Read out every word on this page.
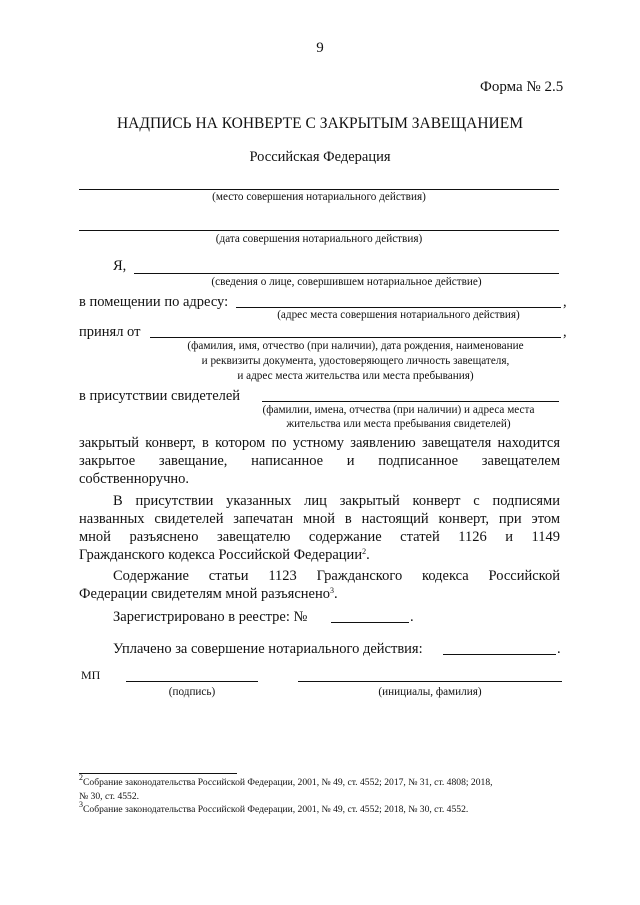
9
Форма № 2.5
НАДПИСЬ НА КОНВЕРТЕ С ЗАКРЫТЫМ ЗАВЕЩАНИЕМ
Российская Федерация
(место совершения нотариального действия)
(дата совершения нотариального действия)
Я,
(сведения о лице, совершившем нотариальное действие)
в помещении по адресу:	,
(адрес места совершения нотариального действия)
принял от	,
(фамилия, имя, отчество (при наличии), дата рождения, наименование
и реквизиты документа, удостоверяющего личность завещателя,
и адрес места жительства или места пребывания)
в присутствии свидетелей
(фамилии, имена, отчества (при наличии) и адреса места
жительства или места пребывания свидетелей)
закрытый конверт, в котором по устному заявлению завещателя находится
закрытое завещание, написанное и подписанное завещателем
собственноручно.
В присутствии указанных лиц закрытый конверт с подписями
названных свидетелей запечатан мной в настоящий конверт, при этом
мной разъяснено завещателю содержание статей 1126 и 1149
Гражданского кодекса Российской Федерации$^2$.
Содержание статьи 1123 Гражданского кодекса Российской
Федерации свидетелям мной разъяснено$^3$.
Зарегистрировано в реестре: №	.
Уплачено за совершение нотариального действия:	.
МП
(подпись)	(инициалы, фамилия)
$^2$Собрание законодательства Российской Федерации, 2001, № 49, ст. 4552; 2017, № 31, ст. 4808; 2018,
№ 30, ст. 4552.
$^3$Собрание законодательства Российской Федерации, 2001, № 49, ст. 4552; 2018, № 30, ст. 4552.
